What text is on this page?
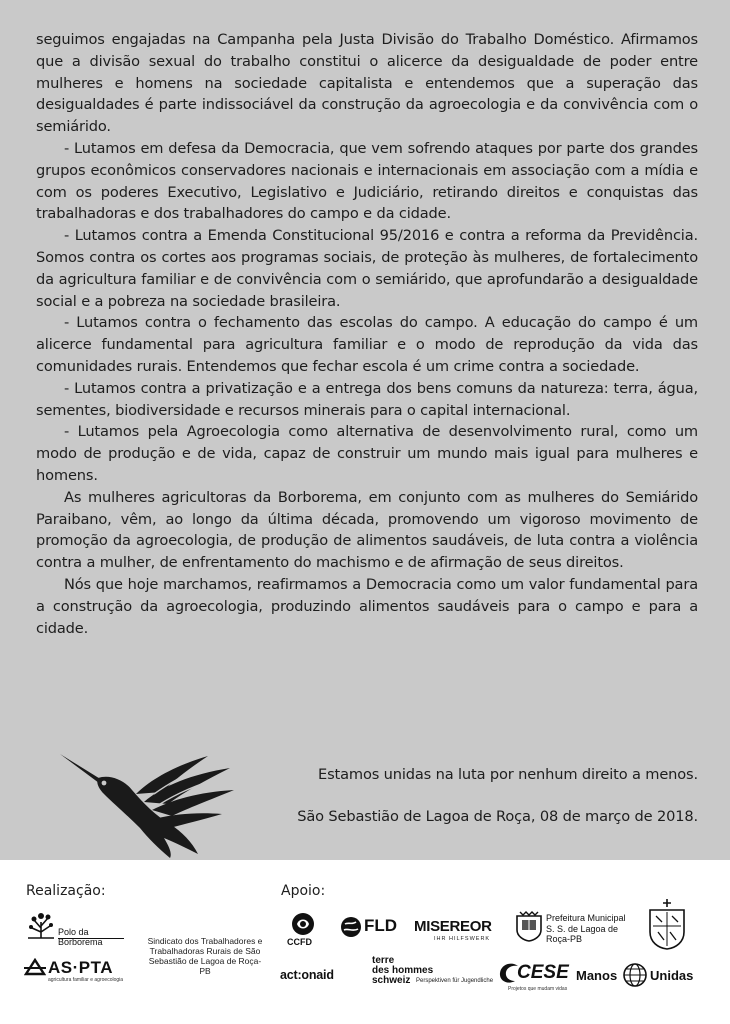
seguimos engajadas na Campanha pela Justa Divisão do Trabalho Doméstico. Afirmamos que a divisão sexual do trabalho constitui o alicerce da desigualdade de poder entre mulheres e homens na sociedade capitalista e entendemos que a superação das desigualdades é parte indissociável da construção da agroecologia e da convivência com o semiárido.

- Lutamos em defesa da Democracia, que vem sofrendo ataques por parte dos grandes grupos econômicos conservadores nacionais e internacionais em associação com a mídia e com os poderes Executivo, Legislativo e Judiciário, retirando direitos e conquistas das trabalhadoras e dos trabalhadores do campo e da cidade.

- Lutamos contra a Emenda Constitucional 95/2016 e contra a reforma da Previdência. Somos contra os cortes aos programas sociais, de proteção às mulheres, de fortalecimento da agricultura familiar e de convivência com o semiárido, que aprofundarão a desigualdade social e a pobreza na sociedade brasileira.

- Lutamos contra o fechamento das escolas do campo. A educação do campo é um alicerce fundamental para agricultura familiar e o modo de reprodução da vida das comunidades rurais. Entendemos que fechar escola é um crime contra a sociedade.

- Lutamos contra a privatização e a entrega dos bens comuns da natureza: terra, água, sementes, biodiversidade e recursos minerais para o capital internacional.

- Lutamos pela Agroecologia como alternativa de desenvolvimento rural, como um modo de produção e de vida, capaz de construir um mundo mais igual para mulheres e homens.

As mulheres agricultoras da Borborema, em conjunto com as mulheres do Semiárido Paraibano, vêm, ao longo da última década, promovendo um vigoroso movimento de promoção da agroecologia, de produção de alimentos saudáveis, de luta contra a violência contra a mulher, de enfrentamento do machismo e de afirmação de seus direitos.

Nós que hoje marchamos, reafirmamos a Democracia como um valor fundamental para a construção da agroecologia, produzindo alimentos saudáveis para o campo e para a cidade.

Estamos unidas na luta por nenhum direito a menos.
São Sebastião de Lagoa de Roça, 08 de março de 2018.
Realização:	Apoio:
Polo da Borborema
AS·PTA
agricultura familiar e agroecologia
Sindicato dos Trabalhadores e Trabalhadoras Rurais de São Sebastião de Lagoa de Roça-PB
CCFD
FLD MISEREOR
IHR HILFSWERK
Prefeitura Municipal S. S. de Lagoa de Roça-PB
act:onaid
terre
des hommes
schweiz Perspektiven für Jugendliche CESE
Projetos que mudam vidas
Manos	Unidas
